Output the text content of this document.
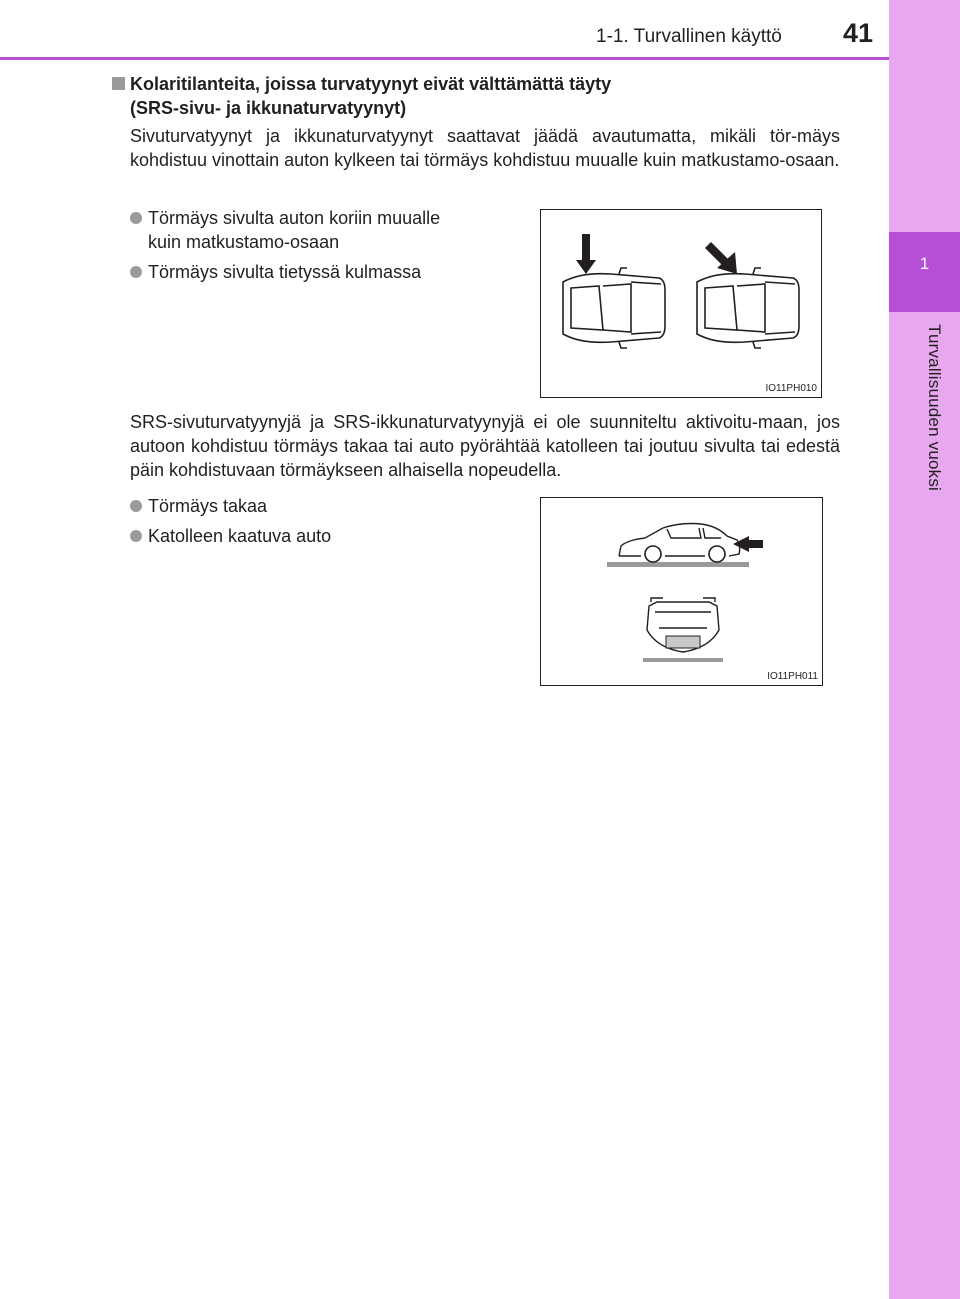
1
Turvallisuuden vuoksi
1-1. Turvallinen käyttö 41
Kolaritilanteita, joissa turvatyynyt eivät välttämättä täyty
(SRS-sivu- ja ikkunaturvatyynyt)
Sivuturvatyynyt ja ikkunaturvatyynyt saattavat jäädä avautumatta, mikäli tör-mäys kohdistuu vinottain auton kylkeen tai törmäys kohdistuu muualle kuin matkustamo-osaan.
Törmäys sivulta auton koriin muualle
kuin matkustamo-osaan
Törmäys sivulta tietyssä kulmassa
IO11PH010
SRS-sivuturvatyynyjä ja SRS-ikkunaturvatyynyjä ei ole suunniteltu aktivoitu-maan, jos autoon kohdistuu törmäys takaa tai auto pyörähtää katolleen tai joutuu sivulta tai edestä päin kohdistuvaan törmäykseen alhaisella nopeudella.
Törmäys takaa
Katolleen kaatuva auto
IO11PH011
